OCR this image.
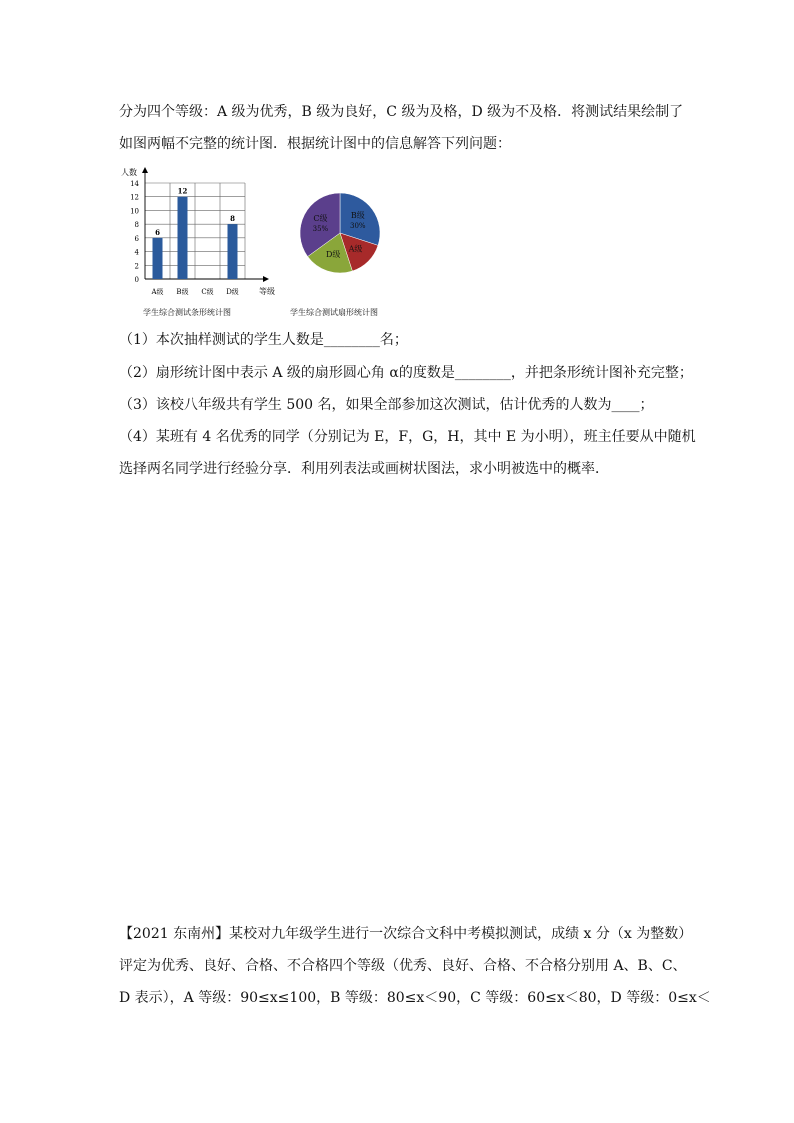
分为四个等级：A 级为优秀，B 级为良好，C 级为及格，D 级为不及格．将测试结果绘制了
如图两幅不完整的统计图．根据统计图中的信息解答下列问题：
0
2
4
6
8
10
12
14
人数
等级
6
A级
12
B级 C级
8
D级
学生综合测试条形统计图
B级
30%
A级
D级
C级
35%
学生综合测试扇形统计图
（1）本次抽样测试的学生人数是________名；
（2）扇形统计图中表示 A 级的扇形圆心角 α的度数是________，并把条形统计图补充完整；
（3）该校八年级共有学生 500 名，如果全部参加这次测试，估计优秀的人数为____；
（4）某班有 4 名优秀的同学（分别记为 E，F，G，H，其中 E 为小明），班主任要从中随机
选择两名同学进行经验分享．利用列表法或画树状图法，求小明被选中的概率．
【2021 东南州】某校对九年级学生进行一次综合文科中考模拟测试，成绩 x 分（x 为整数）
评定为优秀、良好、合格、不合格四个等级（优秀、良好、合格、不合格分别用 A、B、C、
D 表示），A 等级：90≤x≤100，B 等级：80≤x＜90，C 等级：60≤x＜80，D 等级：0≤x＜
